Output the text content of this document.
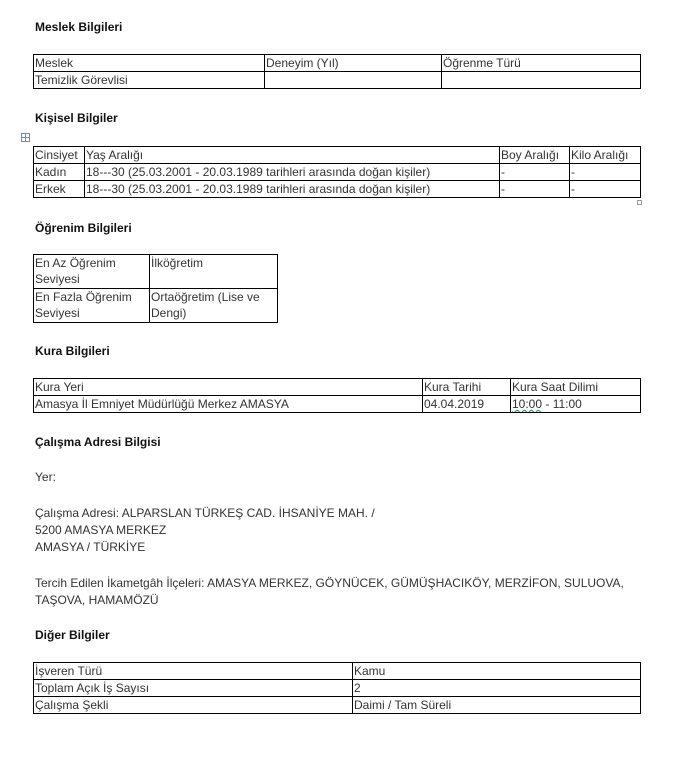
Meslek Bilgileri
Meslek	Deneyim (Yıl)	Öğrenme Türü
Temizlik Görevlisi		
Kişisel Bilgiler
Cinsiyet	Yaş Aralığı	Boy Aralığı	Kilo Aralığı
Kadın	18---30 (25.03.2001 - 20.03.1989 tarihleri arasında doğan kişiler)	-	-
Erkek	18---30 (25.03.2001 - 20.03.1989 tarihleri arasında doğan kişiler)	-	-
Öğrenim Bilgileri
En Az Öğrenim Seviyesi	İlköğretim
En Fazla Öğrenim Seviyesi	Ortaöğretim (Lise ve Dengi)
Kura Bilgileri
Kura Yeri	Kura Tarihi	Kura Saat Dilimi
Amasya İl Emniyet Müdürlüğü Merkez AMASYA	04.04.2019	10:00 - 11:00
Çalışma Adresi Bilgisi
Yer:
Çalışma Adresi: ALPARSLAN TÜRKEŞ CAD. İHSANİYE MAH. /
5200 AMASYA MERKEZ
AMASYA / TÜRKİYE
Tercih Edilen İkametgâh İlçeleri: AMASYA MERKEZ, GÖYNÜCEK, GÜMÜŞHACIKÖY, MERZİFON, SULUOVA,
TAŞOVA, HAMAMÖZÜ
Diğer Bilgiler
İşveren Türü	Kamu
Toplam Açık İş Sayısı	2
Çalışma Şekli	Daimi / Tam Süreli
